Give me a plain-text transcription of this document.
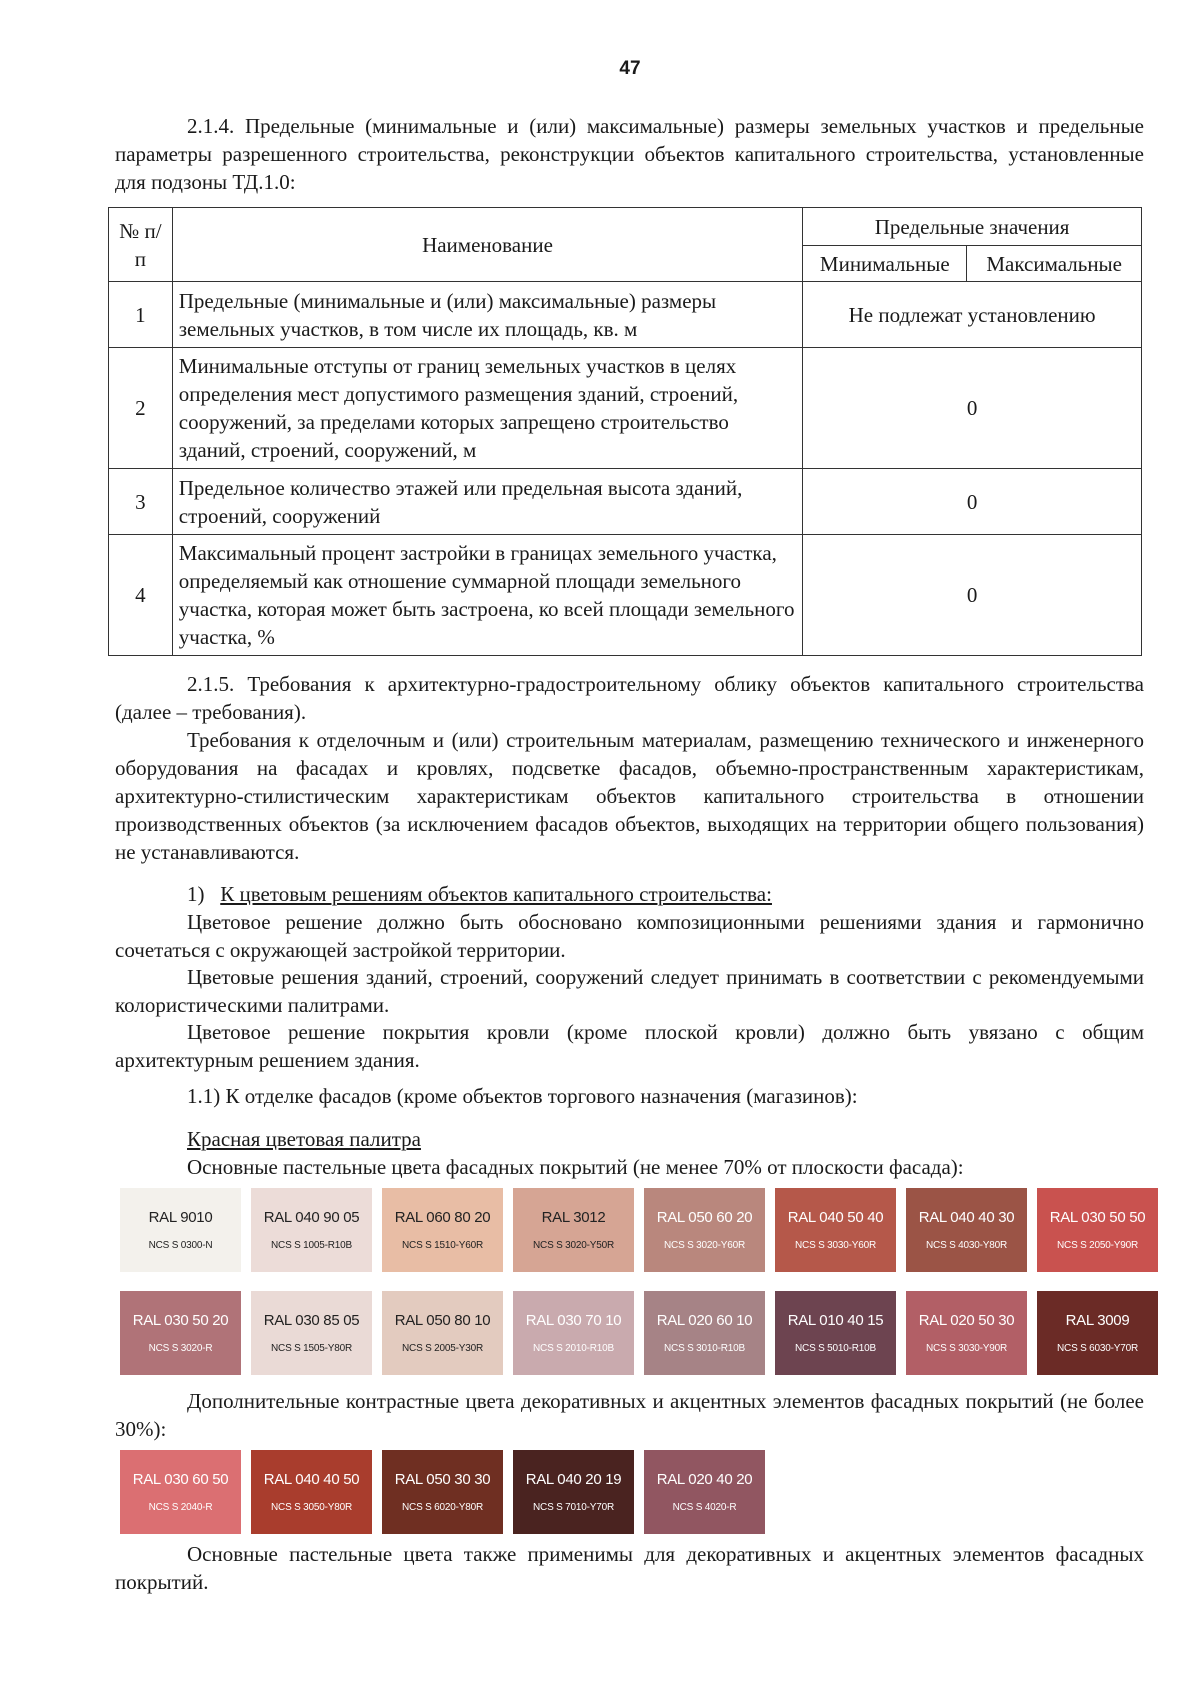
47

2.1.4. Предельные (минимальные и (или) максимальные) размеры земельных участков и предельные параметры разрешенного строительства, реконструкции объектов капитального строительства, установленные для подзоны ТД.1.0:

№ п/п	Наименование	Предельные значения	
		Минимальные	Максимальные
1	Предельные (минимальные и (или) максимальные) размеры земельных участков, в том числе их площадь, кв. м	Не подлежат установлению	
2	Минимальные отступы от границ земельных участков в целях определения мест допустимого размещения зданий, строений, сооружений, за пределами которых запрещено строительство зданий, строений, сооружений, м	0	
3	Предельное количество этажей или предельная высота зданий, строений, сооружений	0	
4	Максимальный процент застройки в границах земельного участка, определяемый как отношение суммарной площади земельного участка, которая может быть застроена, ко всей площади земельного участка, %	0	

2.1.5. Требования к архитектурно-градостроительному облику объектов капитального строительства (далее – требования).

Требования к отделочным и (или) строительным материалам, размещению технического и инженерного оборудования на фасадах и кровлях, подсветке фасадов, объемно-пространственным характеристикам, архитектурно-стилистическим характеристикам объектов капитального строительства в отношении производственных объектов (за исключением фасадов объектов, выходящих на территории общего пользования) не устанавливаются.

1) К цветовым решениям объектов капитального строительства:

Цветовое решение должно быть обосновано композиционными решениями здания и гармонично сочетаться с окружающей застройкой территории.

Цветовые решения зданий, строений, сооружений следует принимать в соответствии с рекомендуемыми колористическими палитрами.

Цветовое решение покрытия кровли (кроме плоской кровли) должно быть увязано с общим архитектурным решением здания.

1.1) К отделке фасадов (кроме объектов торгового назначения (магазинов):

Красная цветовая палитра

Основные пастельные цвета фасадных покрытий (не менее 70% от плоскости фасада):

RAL 9010
NCS S 0300-N
RAL 040 90 05
NCS S 1005-R10B
RAL 060 80 20
NCS S 1510-Y60R
RAL 3012
NCS S 3020-Y50R
RAL 050 60 20
NCS S 3020-Y60R
RAL 040 50 40
NCS S 3030-Y60R
RAL 040 40 30
NCS S 4030-Y80R
RAL 030 50 50
NCS S 2050-Y90R
RAL 030 50 20
NCS S 3020-R
RAL 030 85 05
NCS S 1505-Y80R
RAL 050 80 10
NCS S 2005-Y30R
RAL 030 70 10
NCS S 2010-R10B
RAL 020 60 10
NCS S 3010-R10B
RAL 010 40 15
NCS S 5010-R10B
RAL 020 50 30
NCS S 3030-Y90R
RAL 3009
NCS S 6030-Y70R

Дополнительные контрастные цвета декоративных и акцентных элементов фасадных покрытий (не более 30%):

RAL 030 60 50
NCS S 2040-R
RAL 040 40 50
NCS S 3050-Y80R
RAL 050 30 30
NCS S 6020-Y80R
RAL 040 20 19
NCS S 7010-Y70R
RAL 020 40 20
NCS S 4020-R

Основные пастельные цвета также применимы для декоративных и акцентных элементов фасадных покрытий.
